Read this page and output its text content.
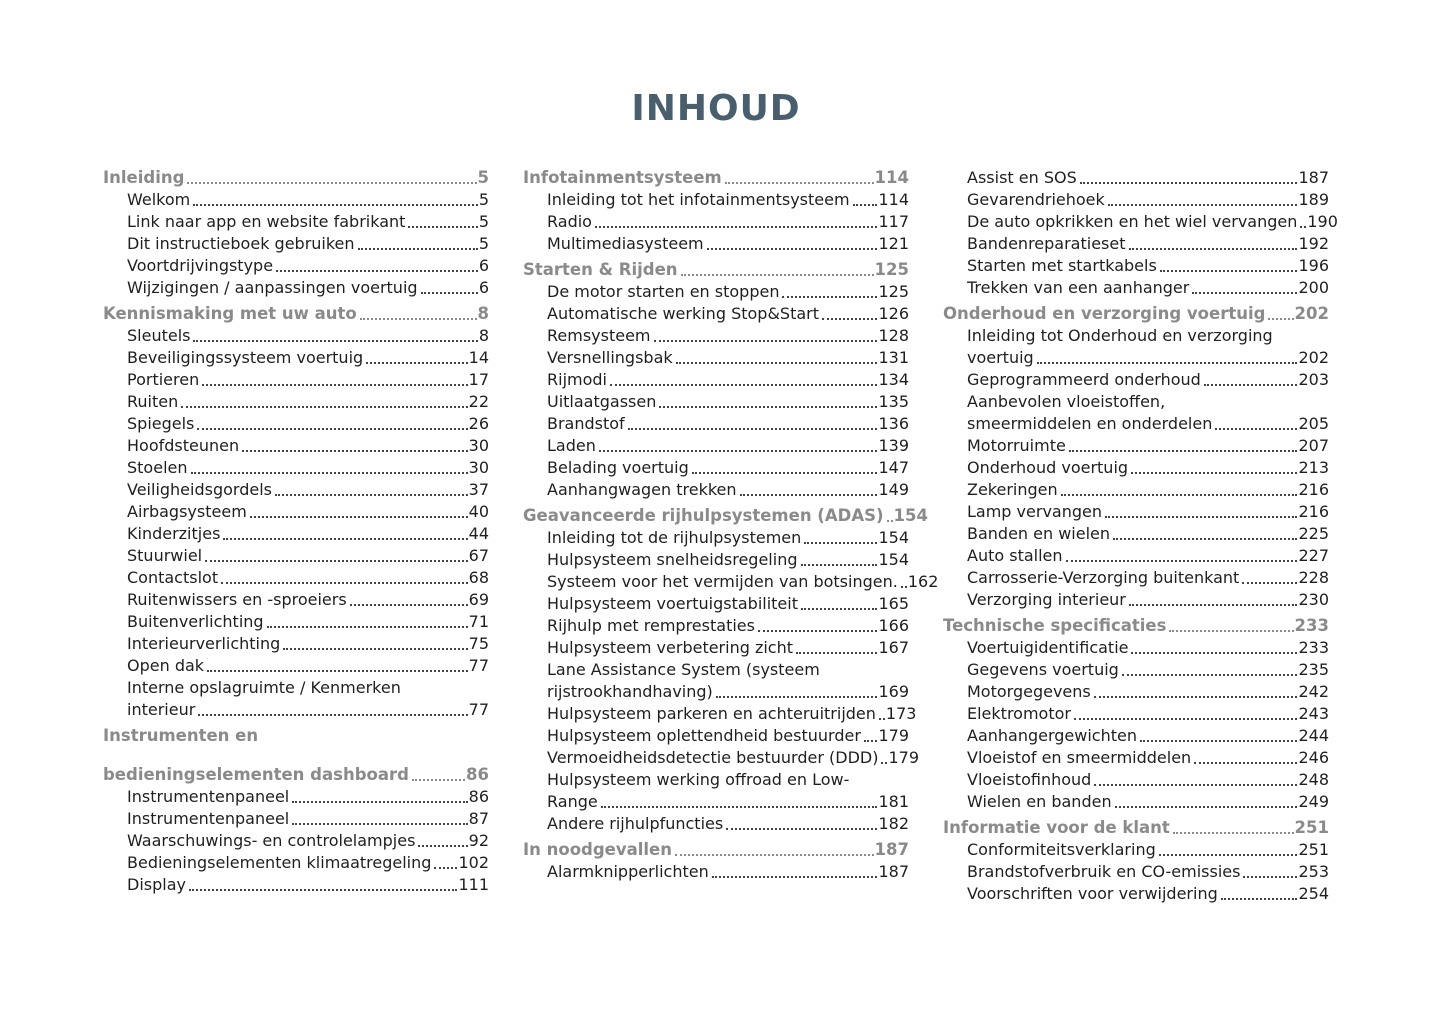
INHOUD
Inleiding	5
Welkom	5
Link naar app en website fabrikant	5
Dit instructieboek gebruiken	5
Voortdrijvingstype	6
Wijzigingen / aanpassingen voertuig	6
Kennismaking met uw auto	8
Sleutels	8
Beveiligingssysteem voertuig	14
Portieren	17
Ruiten	22
Spiegels	26
Hoofdsteunen	30
Stoelen	30
Veiligheidsgordels	37
Airbagsysteem	40
Kinderzitjes	44
Stuurwiel	67
Contactslot	68
Ruitenwissers en -sproeiers	69
Buitenverlichting	71
Interieurverlichting	75
Open dak	77
Interne opslagruimte / Kenmerken
interieur	77
Instrumenten en
bedieningselementen dashboard	86
Instrumentenpaneel	86
Instrumentenpaneel	87
Waarschuwings- en controlelampjes	92
Bedieningselementen klimaatregeling 102
Display	111
Infotainmentsysteem	114
Inleiding tot het infotainmentsysteem 114
Radio	117
Multimediasysteem	121
Starten & Rijden	125
De motor starten en stoppen	125
Automatische werking Stop&Start	126
Remsysteem	128
Versnellingsbak	131
Rijmodi	134
Uitlaatgassen	135
Brandstof	136
Laden	139
Belading voertuig	147
Aanhangwagen trekken	149
Geavanceerde rijhulpsystemen (ADAS) 154
Inleiding tot de rijhulpsystemen	154
Hulpsysteem snelheidsregeling	154
Systeem voor het vermijden van botsingen. 162
Hulpsysteem voertuigstabiliteit	165
Rijhulp met remprestaties	166
Hulpsysteem verbetering zicht	167
Lane Assistance System (systeem
rijstrookhandhaving)	169
Hulpsysteem parkeren en achteruitrijden 173
Hulpsysteem oplettendheid bestuurder 179
Vermoeidheidsdetectie bestuurder (DDD) 179
Hulpsysteem werking offroad en Low-
Range	181
Andere rijhulpfuncties	182
In noodgevallen	187
Alarmknipperlichten	187
Assist en SOS	187
Gevarendriehoek	189
De auto opkrikken en het wiel vervangen 190
Bandenreparatieset	192
Starten met startkabels	196
Trekken van een aanhanger	200
Onderhoud en verzorging voertuig 202
Inleiding tot Onderhoud en verzorging
voertuig	202
Geprogrammeerd onderhoud	203
Aanbevolen vloeistoffen,
smeermiddelen en onderdelen	205
Motorruimte	207
Onderhoud voertuig	213
Zekeringen	216
Lamp vervangen	216
Banden en wielen	225
Auto stallen	227
Carrosserie-Verzorging buitenkant	228
Verzorging interieur	230
Technische specificaties	233
Voertuigidentificatie	233
Gegevens voertuig	235
Motorgegevens	242
Elektromotor	243
Aanhangergewichten	244
Vloeistof en smeermiddelen	246
Vloeistofinhoud	248
Wielen en banden	249
Informatie voor de klant	251
Conformiteitsverklaring	251
Brandstofverbruik en CO-emissies	253
Voorschriften voor verwijdering	254
